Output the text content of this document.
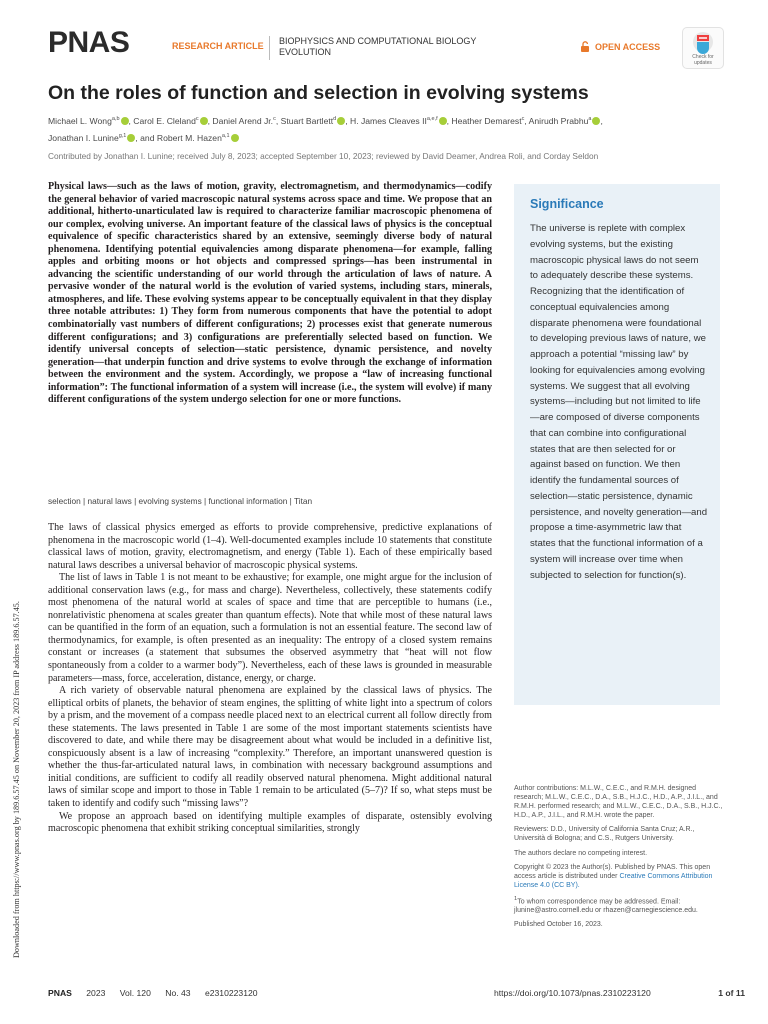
PNAS	RESEARCH ARTICLE BIOPHYSICS AND COMPUTATIONAL BIOLOGY
EVOLUTION
OPEN ACCESS
Check for updates
On the roles of function and selection in evolving systems
Michael L. Wong$^{a,b}$ , Carol E. Cleland$^c$ , Daniel Arend Jr.$^c$, Stuart Bartlett$^d$ , H. James Cleaves II$^{a,e,f}$ , Heather Demarest$^c$, Anirudh Prabhu$^a$ ,
Jonathan I. Lunine$^{g,1}$ , and Robert M. Hazen$^{a,1}$
Contributed by Jonathan I. Lunine; received July 8, 2023; accepted September 10, 2023; reviewed by David Deamer, Andrea Roli, and Corday Seldon

Physical laws—such as the laws of motion, gravity, electromagnetism, and thermodynamics—codify the general behavior of varied macroscopic natural systems across space and time. We propose that an additional, hitherto-unarticulated law is required to characterize familiar macroscopic phenomena of our complex, evolving universe. An important feature of the classical laws of physics is the conceptual equivalence of specific characteristics shared by an extensive, seemingly diverse body of natural phenomena. Identifying potential equivalencies among disparate phenomena—for example, falling apples and orbiting moons or hot objects and compressed springs—has been instrumental in advancing the scientific understanding of our world through the articulation of laws of nature. A pervasive wonder of the natural world is the evolution of varied systems, including stars, minerals, atmospheres, and life. These evolving systems appear to be conceptually equivalent in that they display three notable attributes: 1) They form from numerous components that have the potential to adopt combinatorially vast numbers of different configurations; 2) processes exist that generate numerous different configurations; and 3) configurations are preferentially selected based on function. We identify universal concepts of selection—static persistence, dynamic persistence, and novelty generation—that underpin function and drive systems to evolve through the exchange of information between the environment and the system. Accordingly, we propose a “law of increasing functional information”: The functional information of a system will increase (i.e., the system will evolve) if many different configurations of the system undergo selection for one or more functions.

selection | natural laws | evolving systems | functional information | Titan

The laws of classical physics emerged as efforts to provide comprehensive, predictive explanations of phenomena in the macroscopic world (1–4). Well-documented examples include 10 statements that constitute classical laws of motion, gravity, electromagnetism, and energy (Table 1). Each of these empirically based natural laws describes a universal behavior of macroscopic physical systems.

The list of laws in Table 1 is not meant to be exhaustive; for example, one might argue for the inclusion of additional conservation laws (e.g., for mass and charge). Nevertheless, collectively, these statements codify most phenomena of the natural world at scales of space and time that are perceptible to humans (i.e., nonrelativistic phenomena at scales greater than quantum effects). Note that while most of these natural laws can be quantified in the form of an equation, such a formulation is not an essential feature. The second law of thermodynamics, for example, is often presented as an inequality: The entropy of a closed system remains constant or increases (a statement that subsumes the observed asymmetry that “heat will not flow spontaneously from a colder to a warmer body”). Nevertheless, each of these laws is grounded in measurable parameters—mass, force, acceleration, distance, energy, or charge.

A rich variety of observable natural phenomena are explained by the classical laws of physics. The elliptical orbits of planets, the behavior of steam engines, the splitting of white light into a spectrum of colors by a prism, and the movement of a compass needle placed next to an electrical current all follow directly from these statements. The laws presented in Table 1 are some of the most important statements scientists have discovered to date, and while there may be disagreement about what would be included in a definitive list, conspicuously absent is a law of increasing “complexity.” Therefore, an important unanswered question is whether the thus-far-articulated natural laws, in combination with necessary background assumptions and initial conditions, are sufficient to codify all readily observed natural phenomena. Might additional natural laws of similar scope and import to those in Table 1 remain to be articulated (5–7)? If so, what steps must be taken to identify and codify such “missing laws”?

We propose an approach based on identifying multiple examples of disparate, ostensibly evolving macroscopic phenomena that exhibit striking conceptual similarities, strongly

Significance

The universe is replete with complex evolving systems, but the existing macroscopic physical laws do not seem to adequately describe these systems. Recognizing that the identification of conceptual equivalencies among disparate phenomena were foundational to developing previous laws of nature, we approach a potential “missing law” by looking for equivalencies among evolving systems. We suggest that all evolving systems—including but not limited to life—are composed of diverse components that can combine into configurational states that are then selected for or against based on function. We then identify the fundamental sources of selection—static persistence, dynamic persistence, and novelty generation—and propose a time-asymmetric law that states that the functional information of a system will increase over time when subjected to selection for function(s).

Author contributions: M.L.W., C.E.C., and R.M.H. designed research; M.L.W., C.E.C., D.A., S.B., H.J.C., H.D., A.P., J.I.L., and R.M.H. performed research; and M.L.W., C.E.C., D.A., S.B., H.J.C., H.D., A.P., J.I.L., and R.M.H. wrote the paper.

Reviewers: D.D., University of California Santa Cruz; A.R., Università di Bologna; and C.S., Rutgers University.

The authors declare no competing interest.

Copyright © 2023 the Author(s). Published by PNAS. This open access article is distributed under Creative Commons Attribution License 4.0 (CC BY).

$^1$To whom correspondence may be addressed. Email: jlunine@astro.cornell.edu or rhazen@carnegiescience.edu.

Published October 16, 2023.

Downloaded from https://www.pnas.org by 189.6.57.45 on November 20, 2023 from IP address 189.6.57.45.
PNAS 2023 Vol. 120 No. 43 e2310223120	https://doi.org/10.1073/pnas.2310223120	1 of 11
